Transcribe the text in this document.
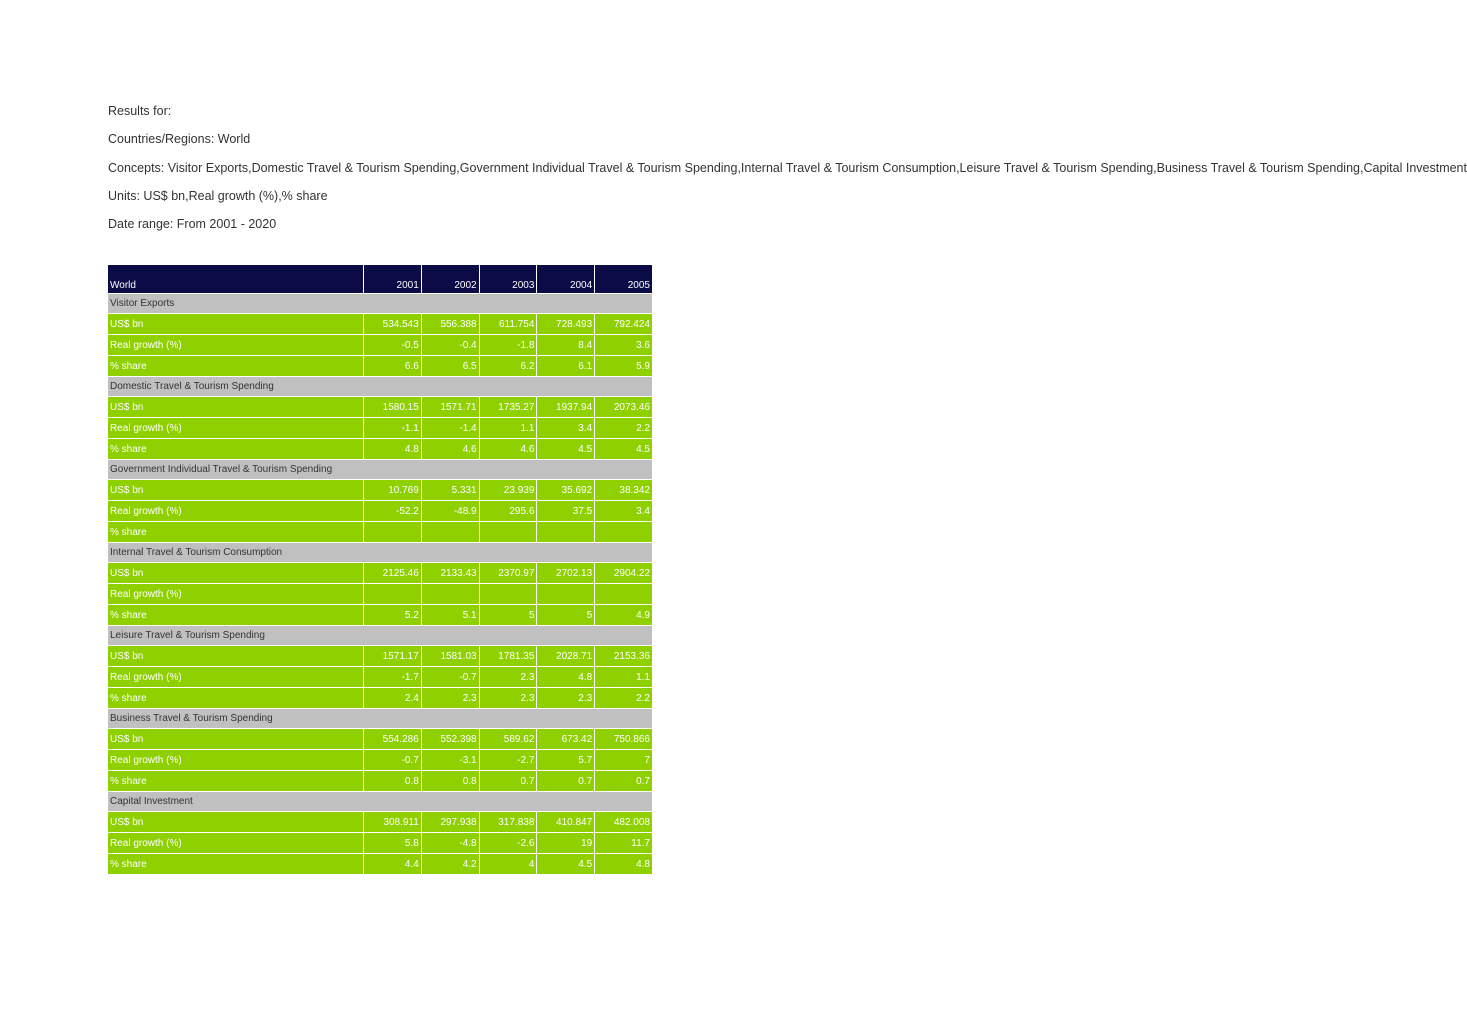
Results for:
Countries/Regions: World
Concepts: Visitor Exports,Domestic Travel & Tourism Spending,Government Individual Travel & Tourism Spending,Internal Travel & Tourism Consumption,Leisure Travel & Tourism Spending,Business Travel & Tourism Spending,Capital Investment
Units: US$ bn,Real growth (%),% share
Date range: From 2001 - 2020
World	2001	2002	2003	2004	2005
Visitor Exports					
US$ bn	534.543	556.388	611.754	728.493	792.424
Real growth (%)	-0.5	-0.4	-1.8	8.4	3.6
% share	6.6	6.5	6.2	6.1	5.9
Domestic Travel & Tourism Spending					
US$ bn	1580.15	1571.71	1735.27	1937.94	2073.46
Real growth (%)	-1.1	-1.4	1.1	3.4	2.2
% share	4.8	4.6	4.6	4.5	4.5
Government Individual Travel & Tourism Spending					
US$ bn	10.769	5.331	23.939	35.692	38.342
Real growth (%)	-52.2	-48.9	295.6	37.5	3.4
% share					
Internal Travel & Tourism Consumption					
US$ bn	2125.46	2133.43	2370.97	2702.13	2904.22
Real growth (%)					
% share	5.2	5.1	5	5	4.9
Leisure Travel & Tourism Spending					
US$ bn	1571.17	1581.03	1781.35	2028.71	2153.36
Real growth (%)	-1.7	-0.7	2.3	4.8	1.1
% share	2.4	2.3	2.3	2.3	2.2
Business Travel & Tourism Spending					
US$ bn	554.286	552.398	589.62	673.42	750.866
Real growth (%)	-0.7	-3.1	-2.7	5.7	7
% share	0.8	0.8	0.7	0.7	0.7
Capital Investment					
US$ bn	308.911	297.938	317.838	410.847	482.008
Real growth (%)	5.8	-4.8	-2.6	19	11.7
% share	4.4	4.2	4	4.5	4.8
